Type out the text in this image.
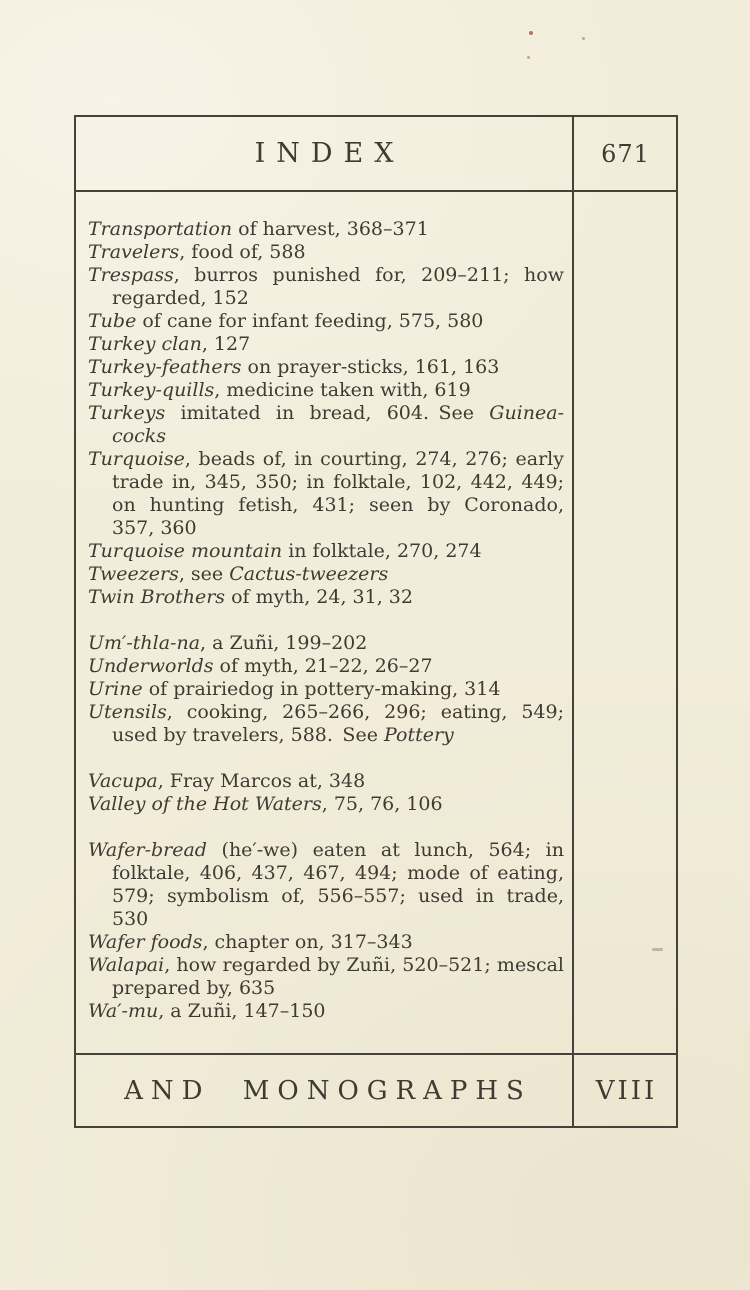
INDEX	671

Transportation of harvest, 368–371

Travelers, food of, 588

Trespass, burros punished for, 209–211; how regarded, 152

Tube of cane for infant feeding, 575, 580

Turkey clan, 127

Turkey-feathers on prayer-sticks, 161, 163

Turkey-quills, medicine taken with, 619

Turkeys imitated in bread, 604. See Guinea-cocks

Turquoise, beads of, in courting, 274, 276; early trade in, 345, 350; in folktale, 102, 442, 449; on hunting fetish, 431; seen by Coronado, 357, 360

Turquoise mountain in folktale, 270, 274

Tweezers, see Cactus-tweezers

Twin Brothers of myth, 24, 31, 32

Um′-thla-na, a Zuñi, 199–202

Underworlds of myth, 21–22, 26–27

Urine of prairiedog in pottery-making, 314

Utensils, cooking, 265–266, 296; eating, 549; used by travelers, 588. See Pottery

Vacupa, Fray Marcos at, 348

Valley of the Hot Waters, 75, 76, 106

Wafer-bread (he′-we) eaten at lunch, 564; in folktale, 406, 437, 467, 494; mode of eating, 579; symbolism of, 556–557; used in trade, 530

Wafer foods, chapter on, 317–343

Walapai, how regarded by Zuñi, 520–521; mescal prepared by, 635

Wa′-mu, a Zuñi, 147–150

AND MONOGRAPHS VIII
